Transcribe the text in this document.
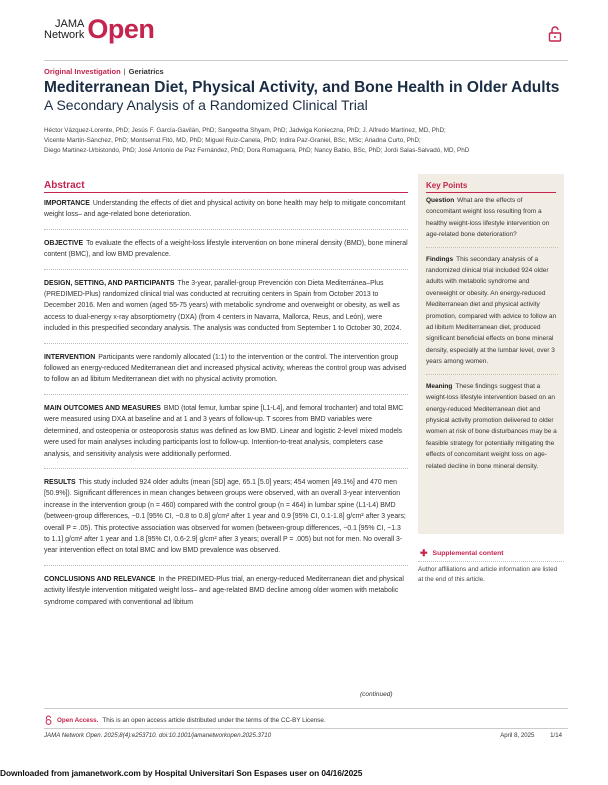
JAMA
Network Open
Original Investigation | Geriatrics
Mediterranean Diet, Physical Activity, and Bone Health in Older Adults
A Secondary Analysis of a Randomized Clinical Trial
Héctor Vázquez-Lorente, PhD; Jesús F. García-Gavilán, PhD; Sangeetha Shyam, PhD; Jadwiga Konieczna, PhD; J. Alfredo Martínez, MD, PhD;
Vicente Martín-Sánchez, PhD; Montserrat Fitó, MD, PhD; Miguel Ruiz-Canela, PhD; Indira Paz-Graniel, BSc, MSc; Ariadna Curto, PhD;
Diego Martinez-Urbistondo, PhD; José Antonio de Paz Fernández, PhD; Dora Romaguera, PhD; Nancy Babio, BSc, PhD; Jordi Salas-Salvadó, MD, PhD
Abstract

IMPORTANCE Understanding the effects of diet and physical activity on bone health may help to mitigate concomitant weight loss– and age-related bone deterioration.

OBJECTIVE To evaluate the effects of a weight-loss lifestyle intervention on bone mineral density (BMD), bone mineral content (BMC), and low BMD prevalence.

DESIGN, SETTING, AND PARTICIPANTS The 3-year, parallel-group Prevención con Dieta Mediterránea–Plus (PREDIMED-Plus) randomized clinical trial was conducted at recruiting centers in Spain from October 2013 to December 2016. Men and women (aged 55-75 years) with metabolic syndrome and overweight or obesity, as well as access to dual-energy x-ray absorptiometry (DXA) (from 4 centers in Navarra, Mallorca, Reus, and León), were included in this prespecified secondary analysis. The analysis was conducted from September 1 to October 30, 2024.

INTERVENTION Participants were randomly allocated (1:1) to the intervention or the control. The intervention group followed an energy-reduced Mediterranean diet and increased physical activity, whereas the control group was advised to follow an ad libitum Mediterranean diet with no physical activity promotion.

MAIN OUTCOMES AND MEASURES BMD (total femur, lumbar spine [L1-L4], and femoral trochanter) and total BMC were measured using DXA at baseline and at 1 and 3 years of follow-up. T scores from BMD variables were determined, and osteopenia or osteoporosis status was defined as low BMD. Linear and logistic 2-level mixed models were used for main analyses including participants lost to follow-up. Intention-to-treat analysis, completers case analysis, and sensitivity analysis were additionally performed.

RESULTS This study included 924 older adults (mean [SD] age, 65.1 [5.0] years; 454 women [49.1%] and 470 men [50.9%]). Significant differences in mean changes between groups were observed, with an overall 3-year intervention increase in the intervention group (n = 460) compared with the control group (n = 464) in lumbar spine (L1-L4) BMD (between-group differences, −0.1 [95% CI, −0.8 to 0.8] g/cm² after 1 year and 0.9 [95% CI, 0.1-1.8] g/cm² after 3 years; overall P = .05). This protective association was observed for women (between-group differences, −0.1 [95% CI, −1.3 to 1.1] g/cm² after 1 year and 1.8 [95% CI, 0.6-2.9] g/cm² after 3 years; overall P = .005) but not for men. No overall 3-year intervention effect on total BMC and low BMD prevalence was observed.

CONCLUSIONS AND RELEVANCE In the PREDIMED-Plus trial, an energy-reduced Mediterranean diet and physical activity lifestyle intervention mitigated weight loss– and age-related BMD decline among older women with metabolic syndrome compared with conventional ad libitum

(continued)
Key Points
Question What are the effects of concomitant weight loss resulting from a healthy weight-loss lifestyle intervention on age-related bone deterioration?
Findings This secondary analysis of a randomized clinical trial included 924 older adults with metabolic syndrome and overweight or obesity. An energy-reduced Mediterranean diet and physical activity promotion, compared with advice to follow an ad libitum Mediterranean diet, produced significant beneficial effects on bone mineral density, especially at the lumbar level, over 3 years among women.
Meaning These findings suggest that a weight-loss lifestyle intervention based on an energy-reduced Mediterranean diet and physical activity promotion delivered to older women at risk of bone disturbances may be a feasible strategy for potentially mitigating the effects of concomitant weight loss on age-related decline in bone mineral density.
✚ Supplemental content
Author affiliations and article information are listed at the end of this article.
Open Access. This is an open access article distributed under the terms of the CC-BY License.
JAMA Network Open. 2025;8(4):e253710. doi:10.1001/jamanetworkopen.2025.3710	April 8, 2025	1/14
Downloaded from jamanetwork.com by Hospital Universitari Son Espases user on 04/16/2025
